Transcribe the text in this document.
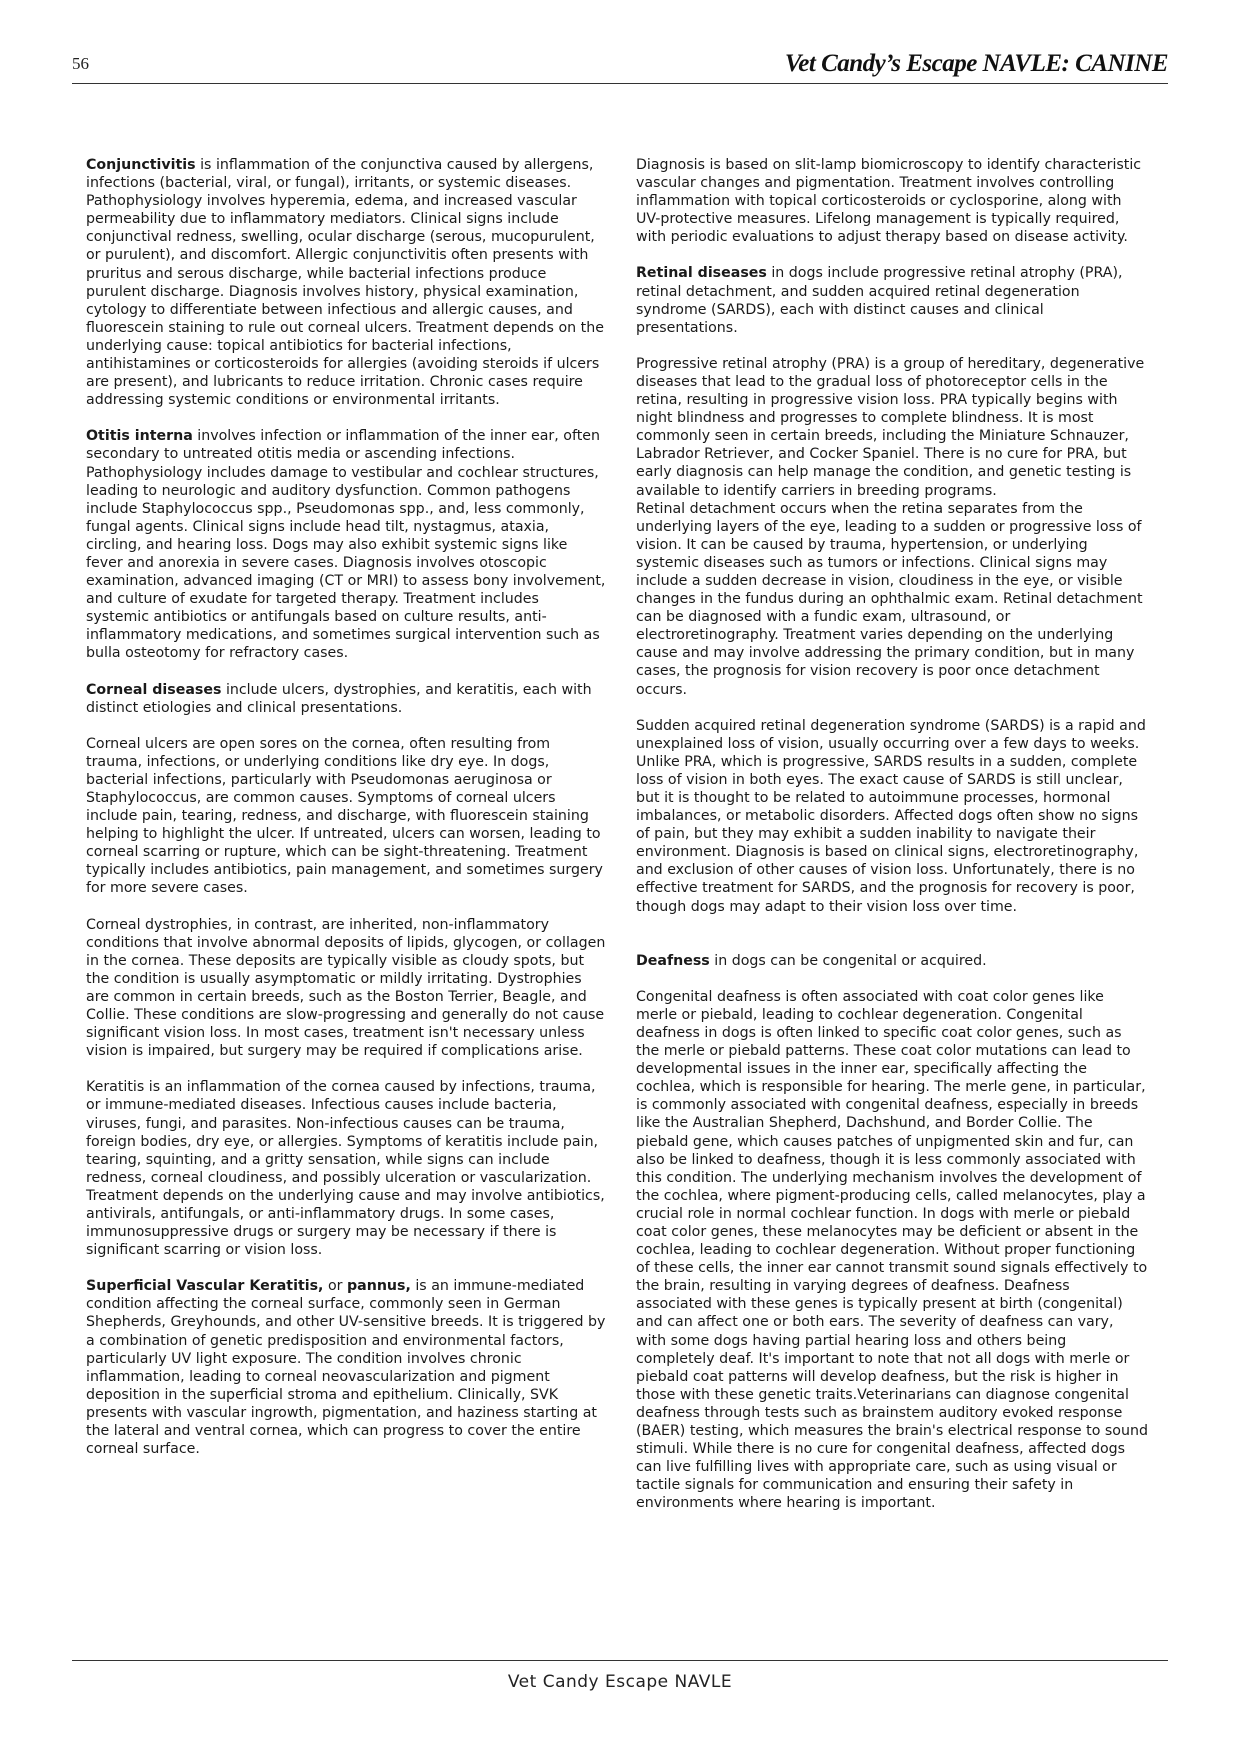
56	Vet Candy’s Escape NAVLE: CANINE

Conjunctivitis is inflammation of the conjunctiva caused by allergens, infections (bacterial, viral, or fungal), irritants, or systemic diseases. Pathophysiology involves hyperemia, edema, and increased vascular permeability due to inflammatory mediators. Clinical signs include conjunctival redness, swelling, ocular discharge (serous, mucopurulent, or purulent), and discomfort. Allergic conjunctivitis often presents with pruritus and serous discharge, while bacterial infections produce purulent discharge. Diagnosis involves history, physical examination, cytology to differentiate between infectious and allergic causes, and fluorescein staining to rule out corneal ulcers. Treatment depends on the underlying cause: topical antibiotics for bacterial infections, antihistamines or corticosteroids for allergies (avoiding steroids if ulcers are present), and lubricants to reduce irritation. Chronic cases require addressing systemic conditions or environmental irritants.

Otitis interna involves infection or inflammation of the inner ear, often secondary to untreated otitis media or ascending infections. Pathophysiology includes damage to vestibular and cochlear structures, leading to neurologic and auditory dysfunction. Common pathogens include Staphylococcus spp., Pseudomonas spp., and, less commonly, fungal agents. Clinical signs include head tilt, nystagmus, ataxia, circling, and hearing loss. Dogs may also exhibit systemic signs like fever and anorexia in severe cases. Diagnosis involves otoscopic examination, advanced imaging (CT or MRI) to assess bony involvement, and culture of exudate for targeted therapy. Treatment includes systemic antibiotics or antifungals based on culture results, anti-inflammatory medications, and sometimes surgical intervention such as bulla osteotomy for refractory cases.

Corneal diseases include ulcers, dystrophies, and keratitis, each with distinct etiologies and clinical presentations.

Corneal ulcers are open sores on the cornea, often resulting from trauma, infections, or underlying conditions like dry eye. In dogs, bacterial infections, particularly with Pseudomonas aeruginosa or Staphylococcus, are common causes. Symptoms of corneal ulcers include pain, tearing, redness, and discharge, with fluorescein staining helping to highlight the ulcer. If untreated, ulcers can worsen, leading to corneal scarring or rupture, which can be sight-threatening. Treatment typically includes antibiotics, pain management, and sometimes surgery for more severe cases.

Corneal dystrophies, in contrast, are inherited, non-inflammatory conditions that involve abnormal deposits of lipids, glycogen, or collagen in the cornea. These deposits are typically visible as cloudy spots, but the condition is usually asymptomatic or mildly irritating. Dystrophies are common in certain breeds, such as the Boston Terrier, Beagle, and Collie. These conditions are slow-progressing and generally do not cause significant vision loss. In most cases, treatment isn't necessary unless vision is impaired, but surgery may be required if complications arise.

Keratitis is an inflammation of the cornea caused by infections, trauma, or immune-mediated diseases. Infectious causes include bacteria, viruses, fungi, and parasites. Non-infectious causes can be trauma, foreign bodies, dry eye, or allergies. Symptoms of keratitis include pain, tearing, squinting, and a gritty sensation, while signs can include redness, corneal cloudiness, and possibly ulceration or vascularization. Treatment depends on the underlying cause and may involve antibiotics, antivirals, antifungals, or anti-inflammatory drugs. In some cases, immunosuppressive drugs or surgery may be necessary if there is significant scarring or vision loss.

Superficial Vascular Keratitis, or pannus, is an immune-mediated condition affecting the corneal surface, commonly seen in German Shepherds, Greyhounds, and other UV-sensitive breeds. It is triggered by a combination of genetic predisposition and environmental factors, particularly UV light exposure. The condition involves chronic inflammation, leading to corneal neovascularization and pigment deposition in the superficial stroma and epithelium. Clinically, SVK presents with vascular ingrowth, pigmentation, and haziness starting at the lateral and ventral cornea, which can progress to cover the entire corneal surface.

Diagnosis is based on slit-lamp biomicroscopy to identify characteristic vascular changes and pigmentation. Treatment involves controlling inflammation with topical corticosteroids or cyclosporine, along with UV-protective measures. Lifelong management is typically required, with periodic evaluations to adjust therapy based on disease activity.

Retinal diseases in dogs include progressive retinal atrophy (PRA), retinal detachment, and sudden acquired retinal degeneration syndrome (SARDS), each with distinct causes and clinical presentations.

Progressive retinal atrophy (PRA) is a group of hereditary, degenerative diseases that lead to the gradual loss of photoreceptor cells in the retina, resulting in progressive vision loss. PRA typically begins with night blindness and progresses to complete blindness. It is most commonly seen in certain breeds, including the Miniature Schnauzer, Labrador Retriever, and Cocker Spaniel. There is no cure for PRA, but early diagnosis can help manage the condition, and genetic testing is available to identify carriers in breeding programs.

Retinal detachment occurs when the retina separates from the underlying layers of the eye, leading to a sudden or progressive loss of vision. It can be caused by trauma, hypertension, or underlying systemic diseases such as tumors or infections. Clinical signs may include a sudden decrease in vision, cloudiness in the eye, or visible changes in the fundus during an ophthalmic exam. Retinal detachment can be diagnosed with a fundic exam, ultrasound, or electroretinography. Treatment varies depending on the underlying cause and may involve addressing the primary condition, but in many cases, the prognosis for vision recovery is poor once detachment occurs.

Sudden acquired retinal degeneration syndrome (SARDS) is a rapid and unexplained loss of vision, usually occurring over a few days to weeks. Unlike PRA, which is progressive, SARDS results in a sudden, complete loss of vision in both eyes. The exact cause of SARDS is still unclear, but it is thought to be related to autoimmune processes, hormonal imbalances, or metabolic disorders. Affected dogs often show no signs of pain, but they may exhibit a sudden inability to navigate their environment. Diagnosis is based on clinical signs, electroretinography, and exclusion of other causes of vision loss. Unfortunately, there is no effective treatment for SARDS, and the prognosis for recovery is poor, though dogs may adapt to their vision loss over time.

Deafness in dogs can be congenital or acquired.

Congenital deafness is often associated with coat color genes like merle or piebald, leading to cochlear degeneration. Congenital deafness in dogs is often linked to specific coat color genes, such as the merle or piebald patterns. These coat color mutations can lead to developmental issues in the inner ear, specifically affecting the cochlea, which is responsible for hearing. The merle gene, in particular, is commonly associated with congenital deafness, especially in breeds like the Australian Shepherd, Dachshund, and Border Collie. The piebald gene, which causes patches of unpigmented skin and fur, can also be linked to deafness, though it is less commonly associated with this condition. The underlying mechanism involves the development of the cochlea, where pigment-producing cells, called melanocytes, play a crucial role in normal cochlear function. In dogs with merle or piebald coat color genes, these melanocytes may be deficient or absent in the cochlea, leading to cochlear degeneration. Without proper functioning of these cells, the inner ear cannot transmit sound signals effectively to the brain, resulting in varying degrees of deafness. Deafness associated with these genes is typically present at birth (congenital) and can affect one or both ears. The severity of deafness can vary, with some dogs having partial hearing loss and others being completely deaf. It's important to note that not all dogs with merle or piebald coat patterns will develop deafness, but the risk is higher in those with these genetic traits.Veterinarians can diagnose congenital deafness through tests such as brainstem auditory evoked response (BAER) testing, which measures the brain's electrical response to sound stimuli. While there is no cure for congenital deafness, affected dogs can live fulfilling lives with appropriate care, such as using visual or tactile signals for communication and ensuring their safety in environments where hearing is important.

Vet Candy Escape NAVLE
